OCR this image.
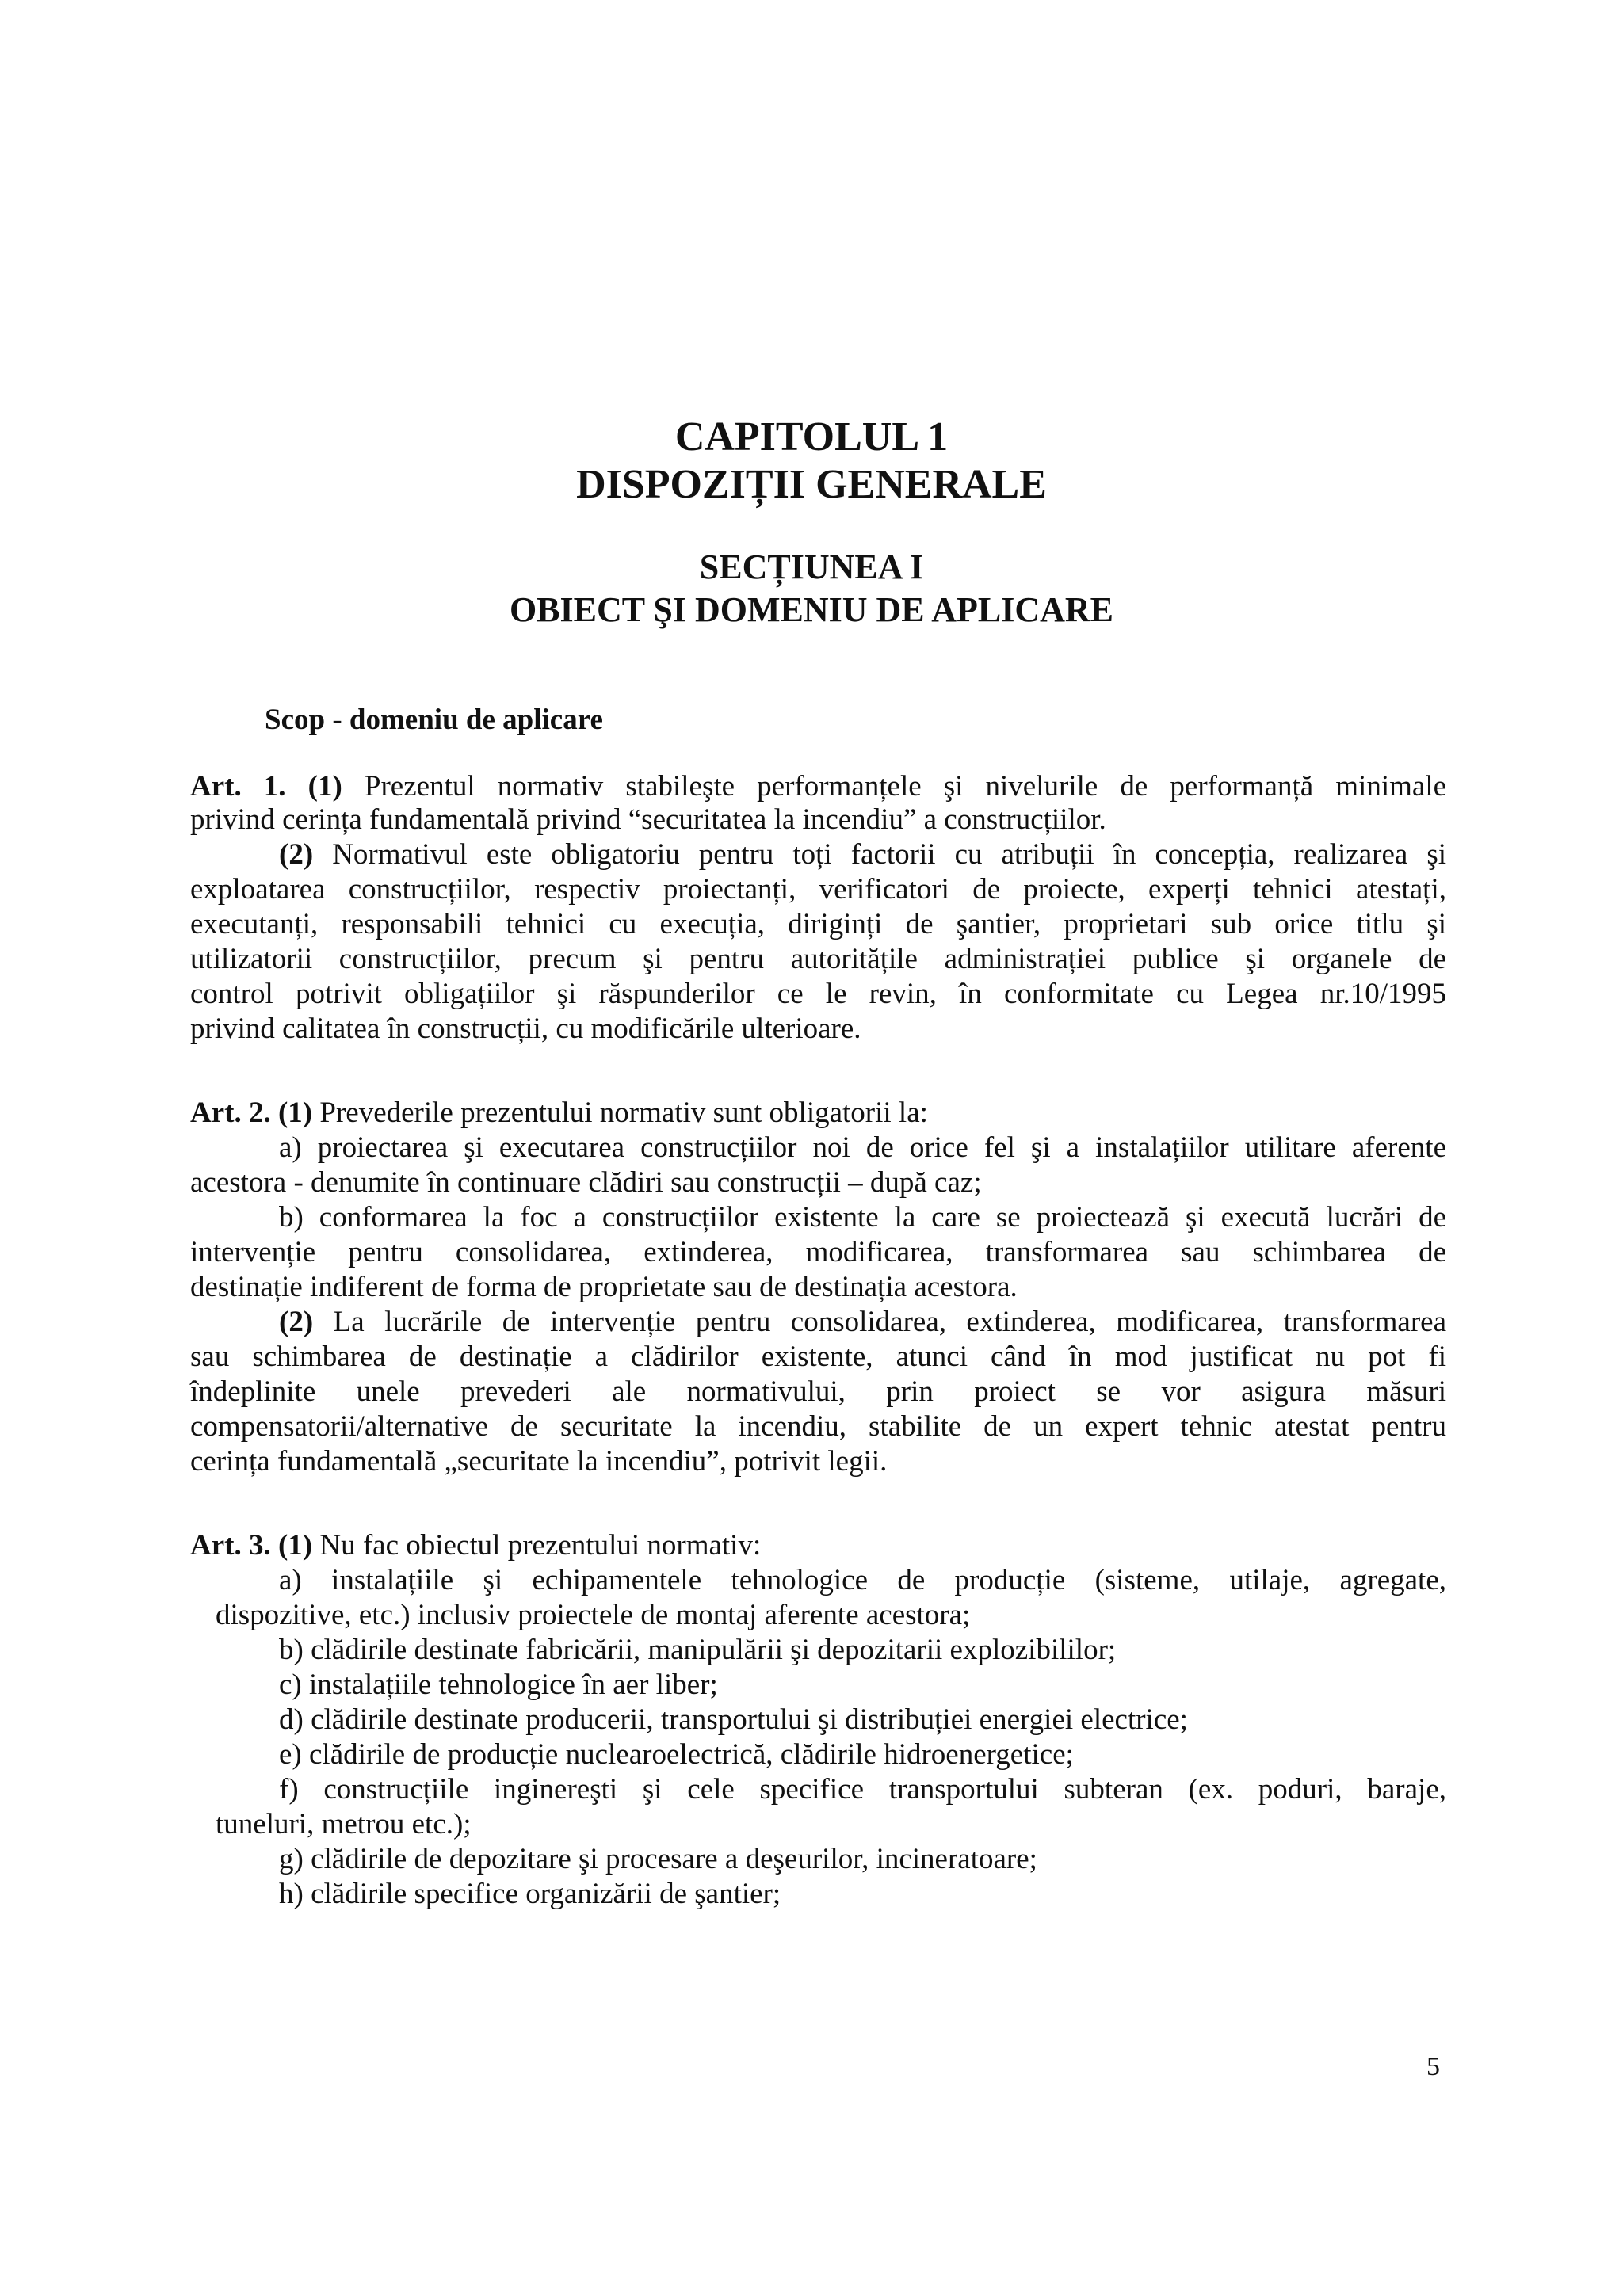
CAPITOLUL 1
DISPOZIȚII GENERALE
SECȚIUNEA I
OBIECT ŞI DOMENIU DE APLICARE
Scop - domeniu de aplicare
Art. 1. (1) Prezentul normativ stabileşte performanțele şi nivelurile de performanță minimale
privind cerința fundamentală privind “securitatea la incendiu” a construcțiilor.
(2) Normativul este obligatoriu pentru toți factorii cu atribuții în concepția, realizarea şi
exploatarea construcțiilor, respectiv proiectanți, verificatori de proiecte, experți tehnici atestați,
executanți, responsabili tehnici cu execuția, diriginți de şantier, proprietari sub orice titlu şi
utilizatorii construcțiilor, precum şi pentru autoritățile administrației publice şi organele de
control potrivit obligațiilor şi răspunderilor ce le revin, în conformitate cu Legea nr.10/1995
privind calitatea în construcții, cu modificările ulterioare.
Art. 2. (1) Prevederile prezentului normativ sunt obligatorii la:
a) proiectarea şi executarea construcțiilor noi de orice fel şi a instalațiilor utilitare aferente
acestora - denumite în continuare clădiri sau construcții – după caz;
b) conformarea la foc a construcțiilor existente la care se proiectează şi execută lucrări de
intervenție pentru consolidarea, extinderea, modificarea, transformarea sau schimbarea de
destinație indiferent de forma de proprietate sau de destinația acestora.
(2) La lucrările de intervenție pentru consolidarea, extinderea, modificarea, transformarea
sau schimbarea de destinație a clădirilor existente, atunci când în mod justificat nu pot fi
îndeplinite unele prevederi ale normativului, prin proiect se vor asigura măsuri
compensatorii/alternative de securitate la incendiu, stabilite de un expert tehnic atestat pentru
cerința fundamentală „securitate la incendiu”, potrivit legii.
Art. 3. (1) Nu fac obiectul prezentului normativ:
a) instalațiile şi echipamentele tehnologice de producție (sisteme, utilaje, agregate,
dispozitive, etc.) inclusiv proiectele de montaj aferente acestora;
b) clădirile destinate fabricării, manipulării şi depozitarii explozibililor;
c) instalațiile tehnologice în aer liber;
d) clădirile destinate producerii, transportului şi distribuției energiei electrice;
e) clădirile de producție nuclearoelectrică, clădirile hidroenergetice;
f) construcțiile inginereşti şi cele specifice transportului subteran (ex. poduri, baraje,
tuneluri, metrou etc.);
g) clădirile de depozitare şi procesare a deşeurilor, incineratoare;
h) clădirile specifice organizării de şantier;
5
